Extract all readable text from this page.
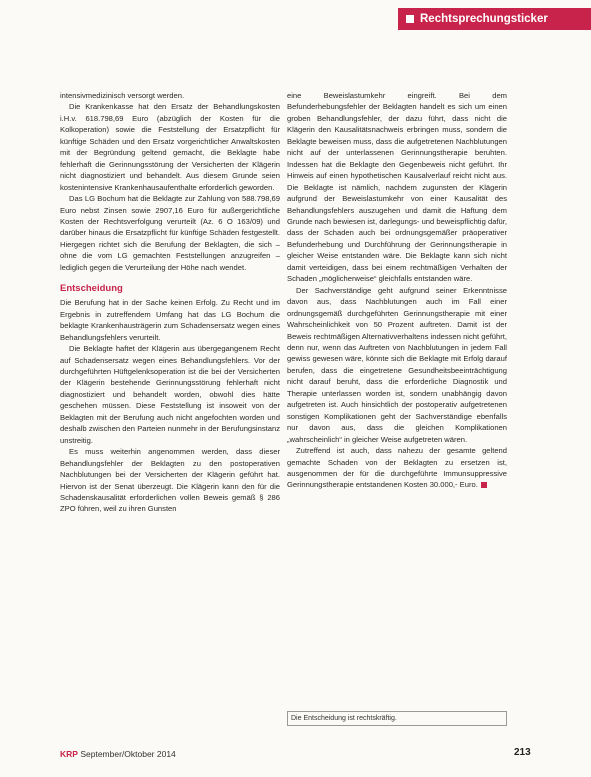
Rechtsprechungsticker

intensivmedizinisch versorgt werden.

Die Krankenkasse hat den Ersatz der Behandlungskosten i.H.v. 618.798,69 Euro (abzüglich der Kosten für die Kolkoperation) sowie die Feststellung der Ersatzpflicht für künftige Schäden und den Ersatz vorgerichtlicher Anwaltskosten mit der Begründung geltend gemacht, die Beklagte habe fehlerhaft die Gerinnungsstörung der Versicherten der Klägerin nicht diagnostiziert und behandelt. Aus diesem Grunde seien kostenintensive Krankenhausaufenthalte erforderlich geworden.

Das LG Bochum hat die Beklagte zur Zahlung von 588.798,69 Euro nebst Zinsen sowie 2907,16 Euro für außergerichtliche Kosten der Rechtsverfolgung verurteilt (Az. 6 O 163/09) und darüber hinaus die Ersatzpflicht für künftige Schäden festgestellt. Hiergegen richtet sich die Berufung der Beklagten, die sich – ohne die vom LG gemachten Feststellungen anzugreifen – lediglich gegen die Verurteilung der Höhe nach wendet.

Entscheidung

Die Berufung hat in der Sache keinen Erfolg. Zu Recht und im Ergebnis in zutreffendem Umfang hat das LG Bochum die beklagte Krankenhausträgerin zum Schadensersatz wegen eines Behandlungsfehlers verurteilt.

Die Beklagte haftet der Klägerin aus übergegangenem Recht auf Schadensersatz wegen eines Behandlungsfehlers. Vor der durchgeführten Hüftgelenksoperation ist die bei der Versicherten der Klägerin bestehende Gerinnungsstörung fehlerhaft nicht diagnostiziert und behandelt worden, obwohl dies hätte geschehen müssen. Diese Feststellung ist insoweit von der Beklagten mit der Berufung auch nicht angefochten worden und deshalb zwischen den Parteien nunmehr in der Berufungsinstanz unstreitig.

Es muss weiterhin angenommen werden, dass dieser Behandlungsfehler der Beklagten zu den postoperativen Nachblutungen bei der Versicherten der Klägerin geführt hat. Hiervon ist der Senat überzeugt. Die Klägerin kann den für die Schadenskausalität erforderlichen vollen Beweis gemäß § 286 ZPO führen, weil zu ihren Gunsten

eine Beweislastumkehr eingreift. Bei dem Befunderhebungsfehler der Beklagten handelt es sich um einen groben Behandlungsfehler, der dazu führt, dass nicht die Klägerin den Kausalitätsnachweis erbringen muss, sondern die Beklagte beweisen muss, dass die aufgetretenen Nachblutungen nicht auf der unterlassenen Gerinnungstherapie beruhten. Indessen hat die Beklagte den Gegenbeweis nicht geführt. Ihr Hinweis auf einen hypothetischen Kausalverlauf reicht nicht aus. Die Beklagte ist nämlich, nachdem zugunsten der Klägerin aufgrund der Beweislastumkehr von einer Kausalität des Behandlungsfehlers auszugehen und damit die Haftung dem Grunde nach bewiesen ist, darlegungs- und beweispflichtig dafür, dass der Schaden auch bei ordnungsgemäßer präoperativer Befunderhebung und Durchführung der Gerinnungstherapie in gleicher Weise entstanden wäre. Die Beklagte kann sich nicht damit verteidigen, dass bei einem rechtmäßigen Verhalten der Schaden „möglicherweise“ gleichfalls entstanden wäre.

Der Sachverständige geht aufgrund seiner Erkenntnisse davon aus, dass Nachblutungen auch im Fall einer ordnungsgemäß durchgeführten Gerinnungstherapie mit einer Wahrscheinlichkeit von 50 Prozent auftreten. Damit ist der Beweis rechtmäßigen Alternativverhaltens indessen nicht geführt, denn nur, wenn das Auftreten von Nachblutungen in jedem Fall gewiss gewesen wäre, könnte sich die Beklagte mit Erfolg darauf berufen, dass die eingetretene Gesundheitsbeeinträchtigung nicht darauf beruht, dass die erforderliche Diagnostik und Therapie unterlassen worden ist, sondern unabhängig davon aufgetreten ist. Auch hinsichtlich der postoperativ aufgetretenen sonstigen Komplikationen geht der Sachverständige ebenfalls nur davon aus, dass die gleichen Komplikationen „wahrscheinlich“ in gleicher Weise aufgetreten wären.

Zutreffend ist auch, dass nahezu der gesamte geltend gemachte Schaden von der Beklagten zu ersetzen ist, ausgenommen der für die durchgeführte Immunsuppressive Gerinnungstherapie entstandenen Kosten 30.000,- Euro.

Die Entscheidung ist rechtskräftig.
KRP September/Oktober 2014	213
